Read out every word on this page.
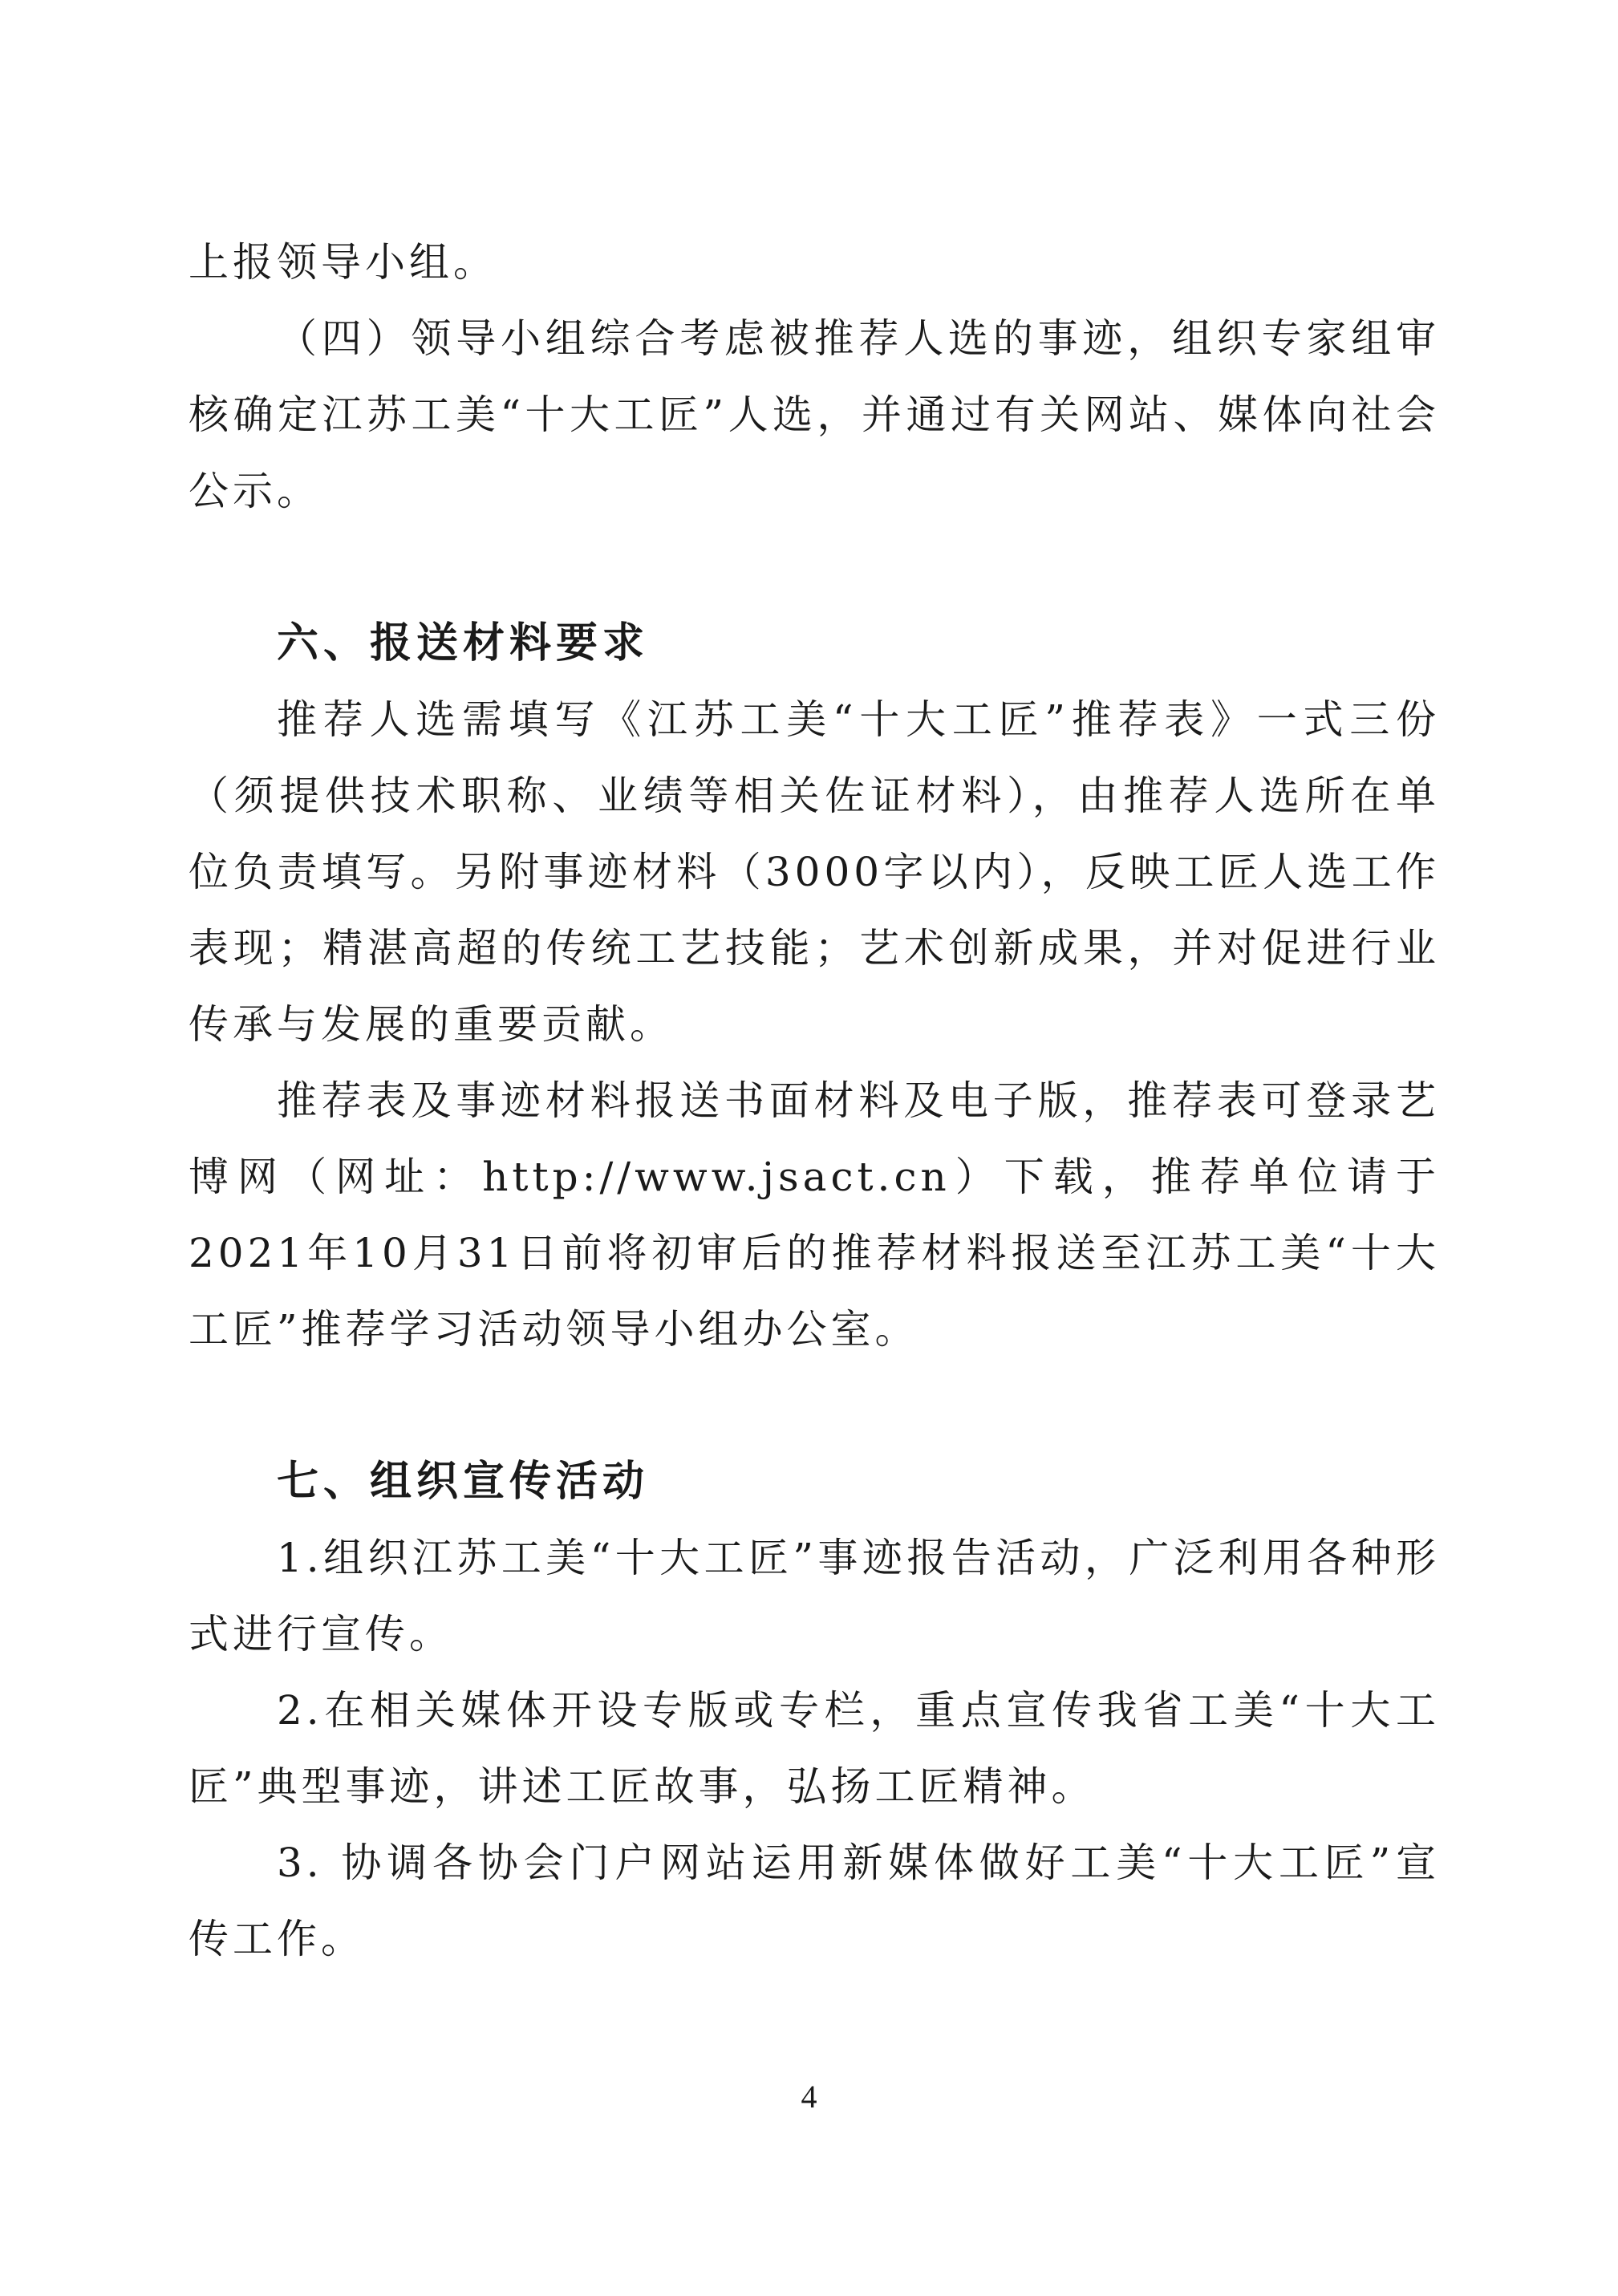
上报领导小组。

（四）领导小组综合考虑被推荐人选的事迹，组织专家组审核确定江苏工美“十大工匠”人选，并通过有关网站、媒体向社会公示。

六、报送材料要求

推荐人选需填写《江苏工美“十大工匠”推荐表》一式三份（须提供技术职称、业绩等相关佐证材料），由推荐人选所在单位负责填写。另附事迹材料（3000字以内），反映工匠人选工作表现；精湛高超的传统工艺技能；艺术创新成果，并对促进行业传承与发展的重要贡献。

推荐表及事迹材料报送书面材料及电子版，推荐表可登录艺博网（网址：http://www.jsact.cn）下载，推荐单位请于2021年10月31日前将初审后的推荐材料报送至江苏工美“十大工匠”推荐学习活动领导小组办公室。

七、组织宣传活动

1.组织江苏工美“十大工匠”事迹报告活动，广泛利用各种形式进行宣传。

2.在相关媒体开设专版或专栏，重点宣传我省工美“十大工匠”典型事迹，讲述工匠故事，弘扬工匠精神。

3. 协调各协会门户网站运用新媒体做好工美“十大工匠”宣传工作。

4
